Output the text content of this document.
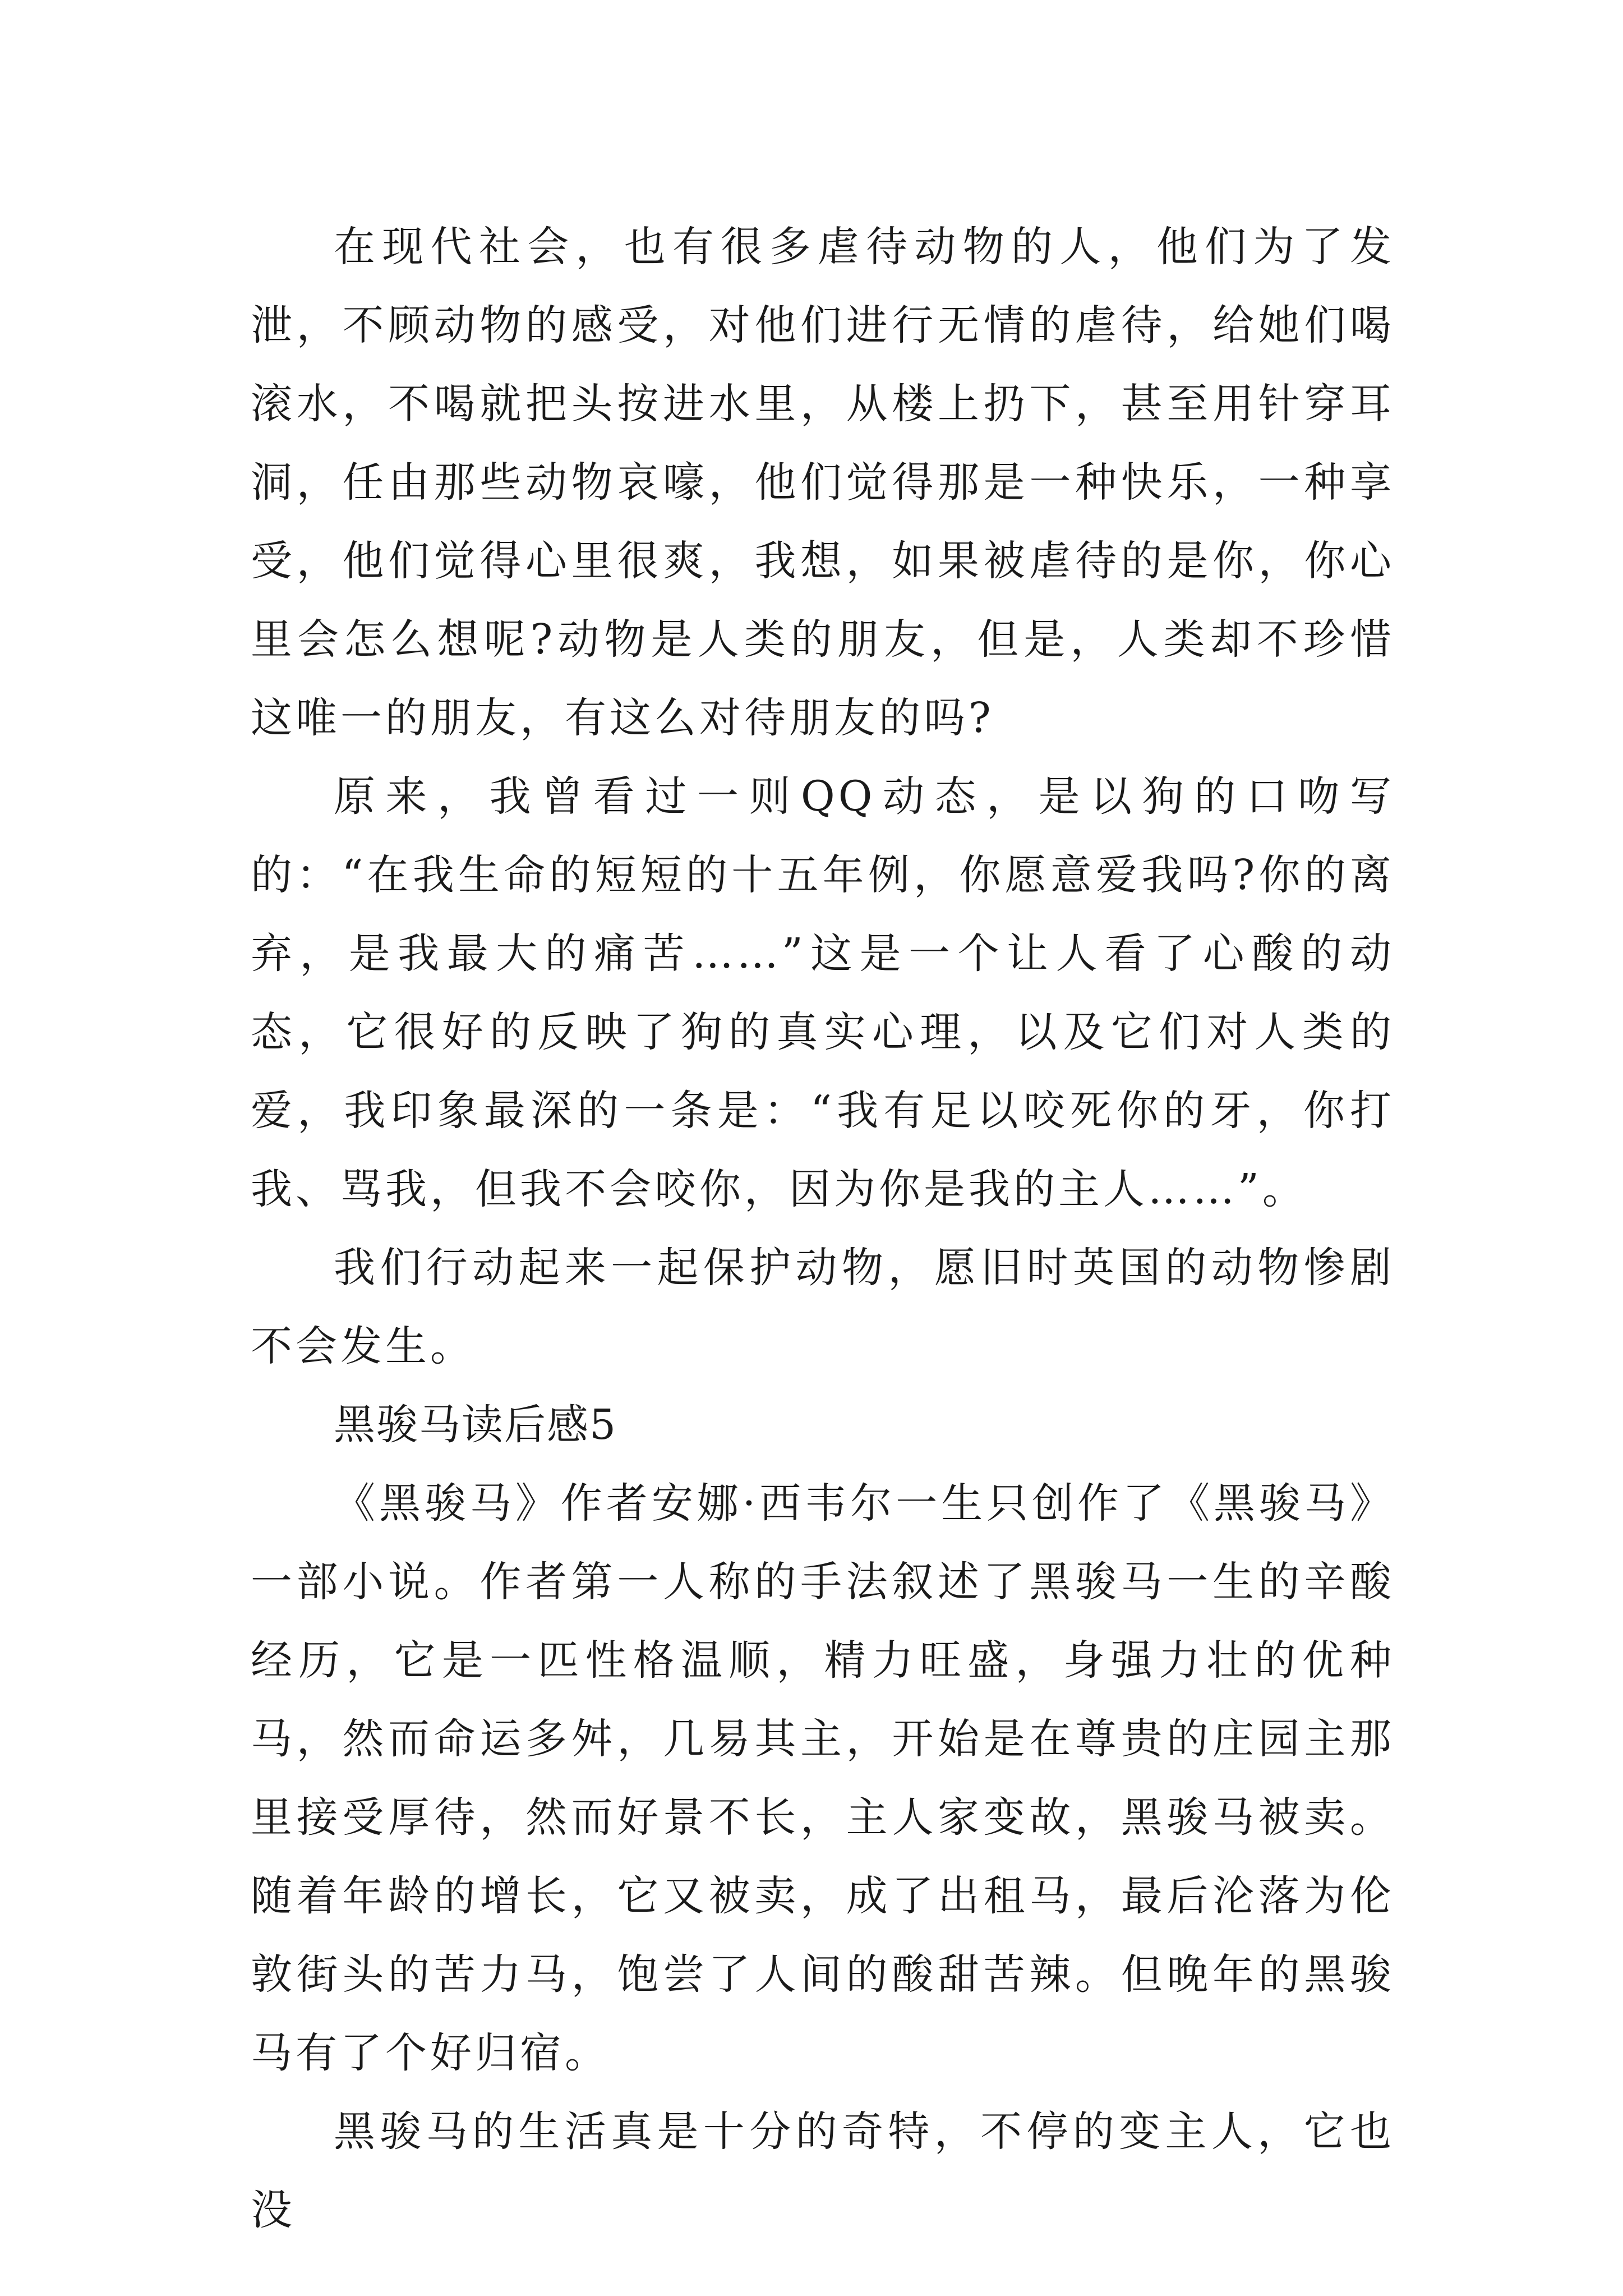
在现代社会，也有很多虐待动物的人，他们为了发泄，不顾动物的感受，对他们进行无情的虐待，给她们喝滚水，不喝就把头按进水里，从楼上扔下，甚至用针穿耳洞，任由那些动物哀嚎，他们觉得那是一种快乐，一种享受，他们觉得心里很爽，我想，如果被虐待的是你，你心里会怎么想呢?动物是人类的朋友，但是，人类却不珍惜这唯一的朋友，有这么对待朋友的吗?

原来，我曾看过一则QQ动态，是以狗的口吻写的：“在我生命的短短的十五年例，你愿意爱我吗?你的离弃，是我最大的痛苦……”这是一个让人看了心酸的动态，它很好的反映了狗的真实心理，以及它们对人类的爱，我印象最深的一条是：“我有足以咬死你的牙，你打我、骂我，但我不会咬你，因为你是我的主人……”。

我们行动起来一起保护动物，愿旧时英国的动物惨剧不会发生。

黑骏马读后感5

《黑骏马》作者安娜·西韦尔一生只创作了《黑骏马》一部小说。作者第一人称的手法叙述了黑骏马一生的辛酸经历，它是一匹性格温顺，精力旺盛，身强力壮的优种马，然而命运多舛，几易其主，开始是在尊贵的庄园主那里接受厚待，然而好景不长，主人家变故，黑骏马被卖。随着年龄的增长，它又被卖，成了出租马，最后沦落为伦敦街头的苦力马，饱尝了人间的酸甜苦辣。但晚年的黑骏马有了个好归宿。

黑骏马的生活真是十分的奇特，不停的变主人，它也没
